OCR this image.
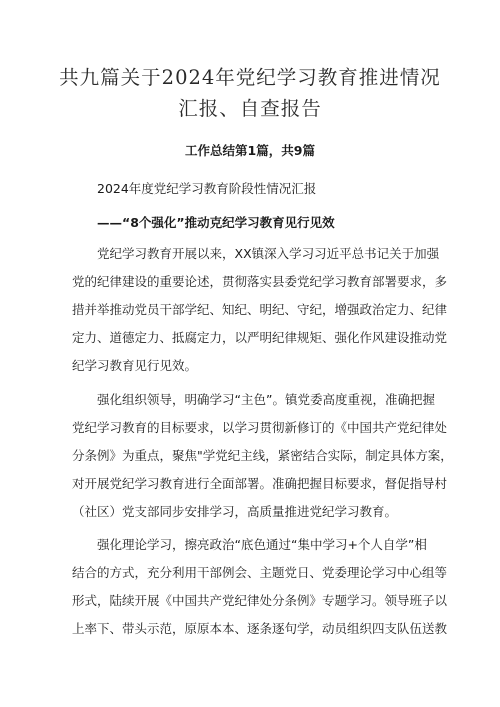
共九篇关于2024年党纪学习教育推进情况
汇报、自查报告
工作总结第1篇，共9篇
2024年度党纪学习教育阶段性情况汇报
——“8个强化”推动克纪学习教育见行见效
党纪学习教育开展以来，XX镇深入学习习近平总书记关于加强
党的纪律建设的重要论述，贯彻落实县委党纪学习教育部署要求，多
措并举推动党员干部学纪、知纪、明纪、守纪，增强政治定力、纪律
定力、道德定力、抵腐定力，以严明纪律规矩、强化作风建设推动党
纪学习教育见行见效。
强化组织领导，明确学习“主色”。镇党委高度重视，准确把握
党纪学习教育的目标要求，以学习贯彻新修订的《中国共产党纪律处
分条例》为重点，聚焦"学党纪主线，紧密结合实际，制定具体方案，
对开展党纪学习教育进行全面部署。准确把握目标要求，督促指导村
（社区）党支部同步安排学习，高质量推进党纪学习教育。
强化理论学习，擦亮政治“底色通过“集中学习+个人自学”相
结合的方式，充分利用干部例会、主题党日、党委理论学习中心组等
形式，陆续开展《中国共产党纪律处分条例》专题学习。领导班子以
上率下、带头示范，原原本本、逐条逐句学，动员组织四支队伍送教
